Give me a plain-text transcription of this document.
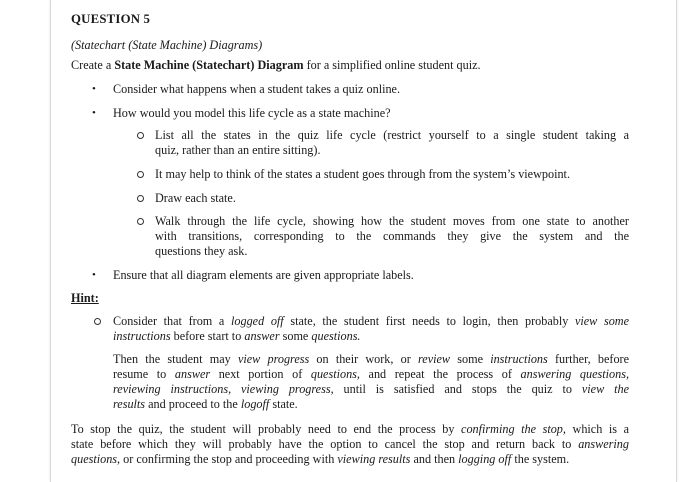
QUESTION 5
(Statechart (State Machine) Diagrams)
Create a State Machine (Statechart) Diagram for a simplified online student quiz.
• Consider what happens when a student takes a quiz online.
• How would you model this life cycle as a state machine?
List all the states in the quiz life cycle (restrict yourself to a single student taking a
quiz, rather than an entire sitting).
It may help to think of the states a student goes through from the system’s viewpoint.
Draw each state.
Walk through the life cycle, showing how the student moves from one state to another
with transitions, corresponding to the commands they give the system and the
questions they ask.
• Ensure that all diagram elements are given appropriate labels.
Hint:
Consider that from a logged off state, the student first needs to login, then probably view some
instructions before start to answer some questions.
Then the student may view progress on their work, or review some instructions further, before
resume to answer next portion of questions, and repeat the process of answering questions,
reviewing instructions, viewing progress, until is satisfied and stops the quiz to view the
results and proceed to the logoff state.
To stop the quiz, the student will probably need to end the process by confirming the stop, which is a
state before which they will probably have the option to cancel the stop and return back to answering
questions, or confirming the stop and proceeding with viewing results and then logging off the system.
